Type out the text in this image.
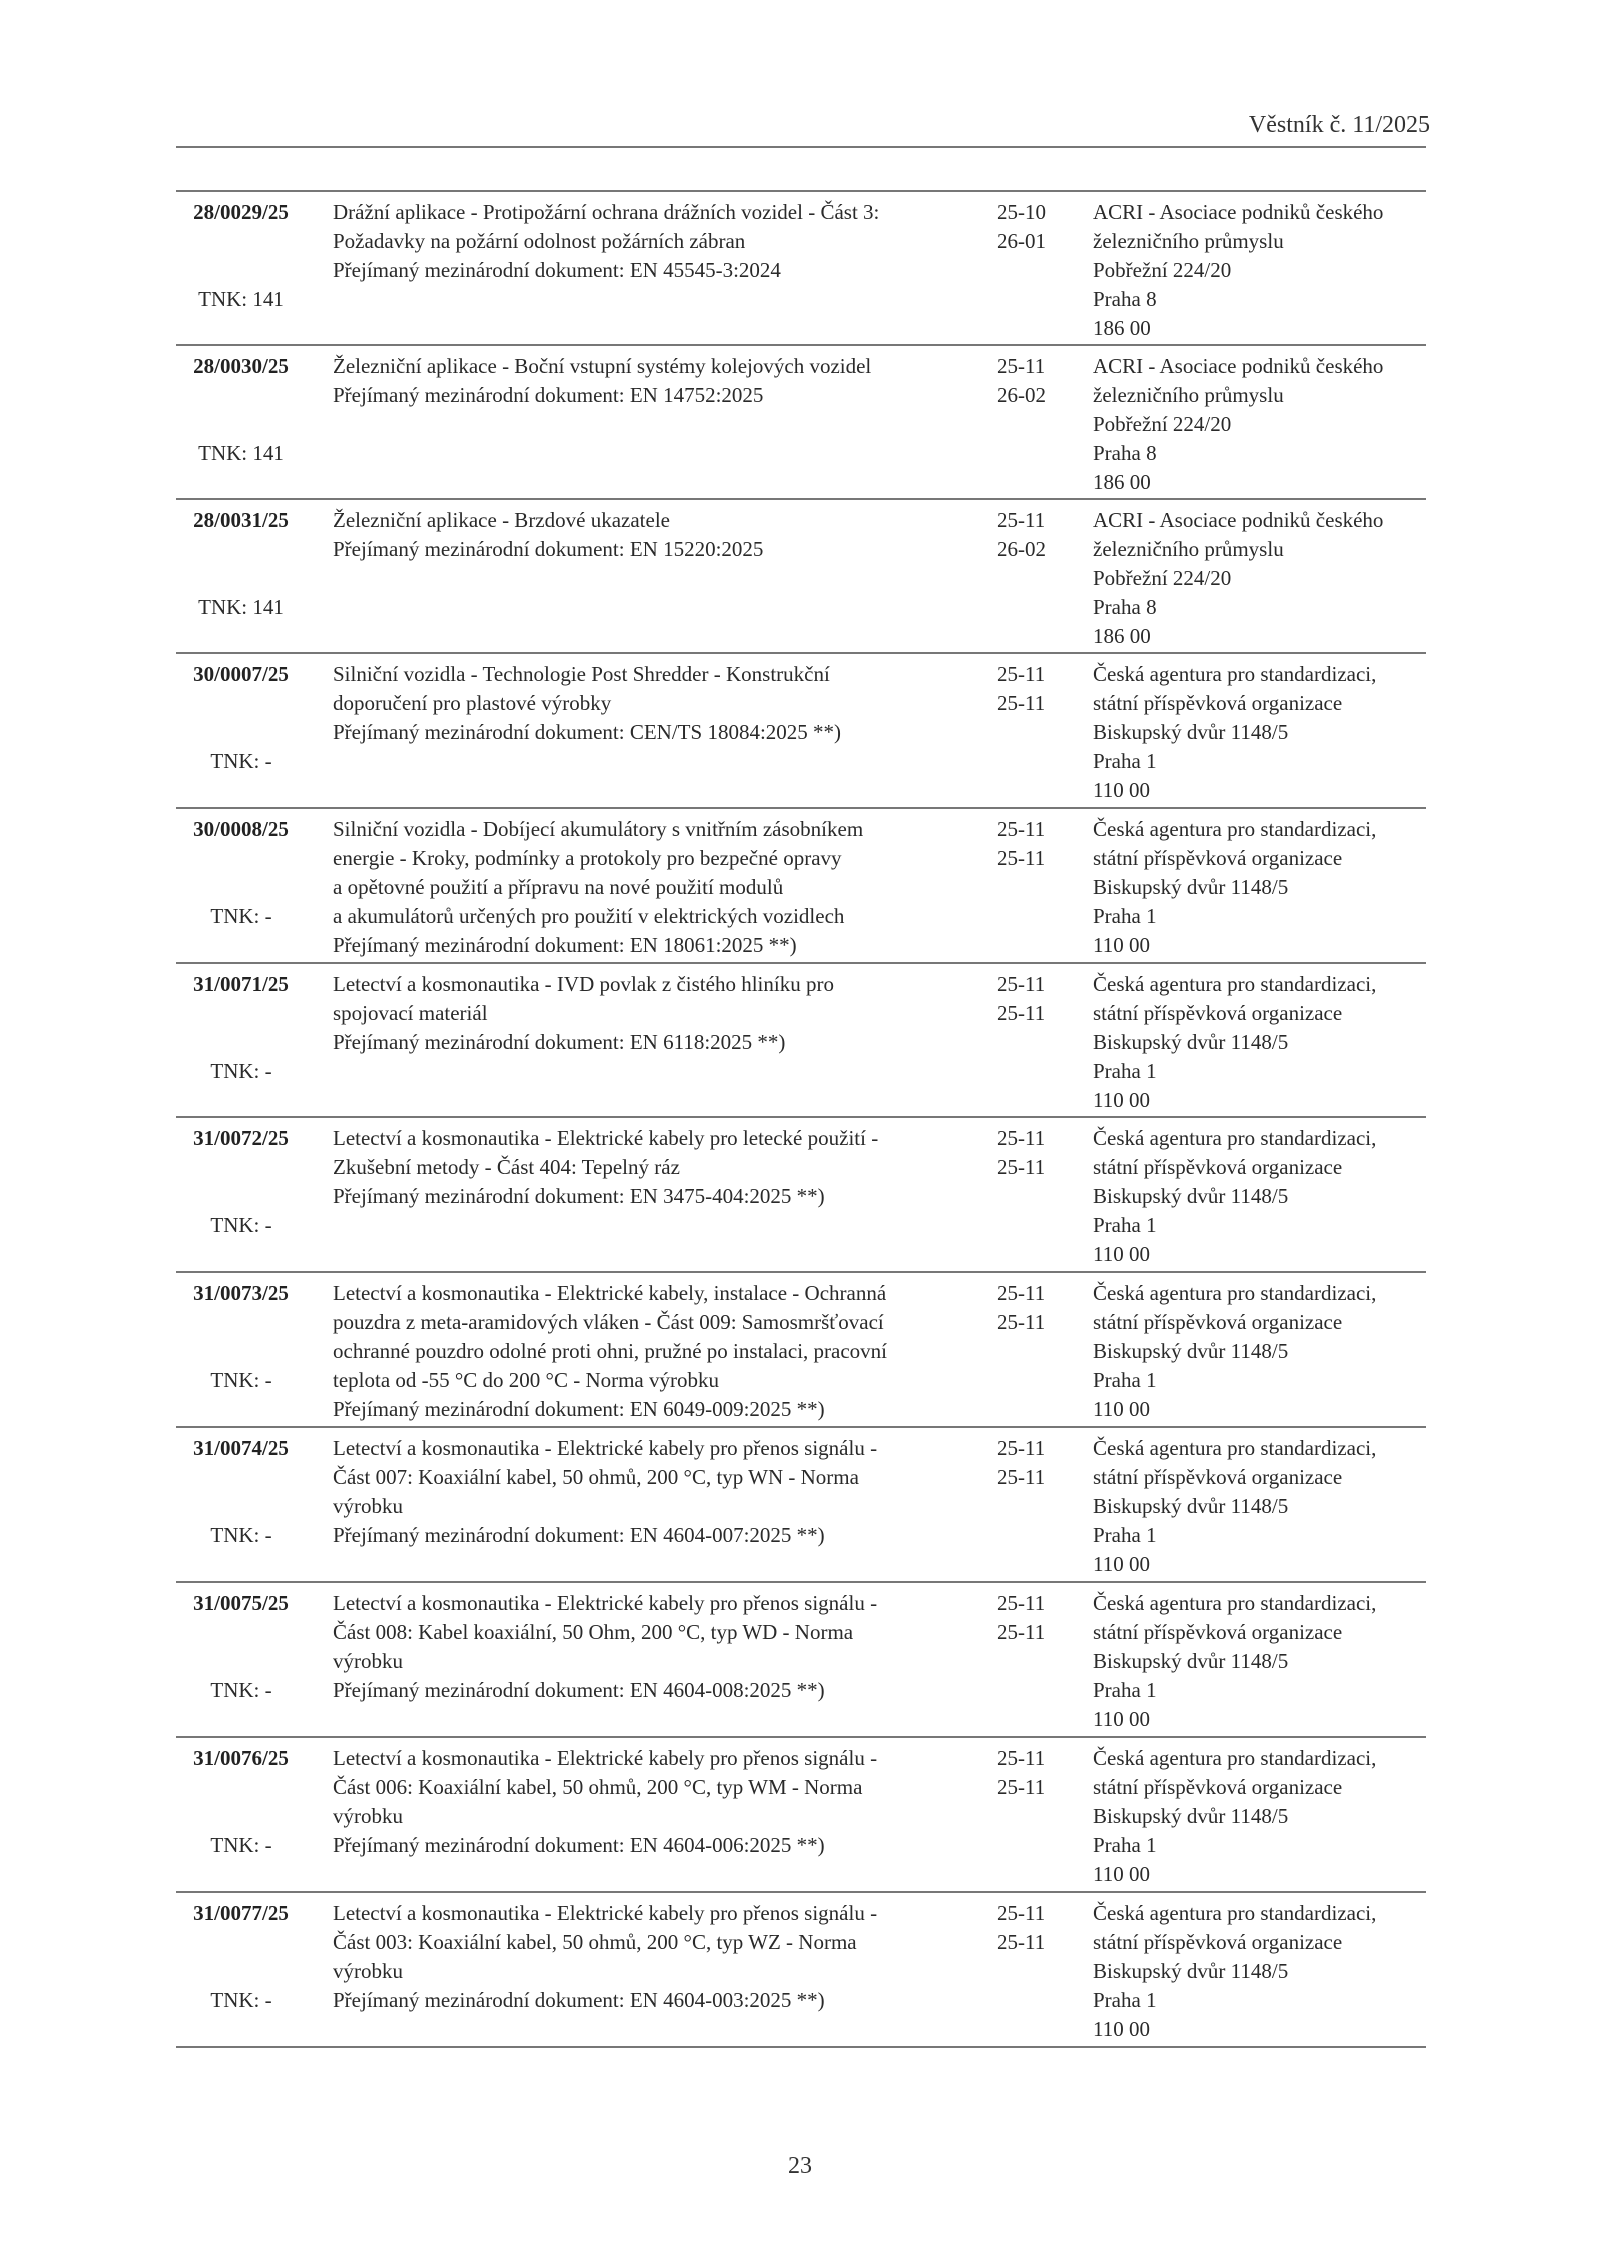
Věstník č. 11/2025
28/0029/25
TNK: 141
Drážní aplikace - Protipožární ochrana drážních vozidel - Část 3:
Požadavky na požární odolnost požárních zábran
Přejímaný mezinárodní dokument: EN 45545-3:2024
25-10
26-01
ACRI - Asociace podniků českého
železničního průmyslu
Pobřežní 224/20
Praha 8
186 00
28/0030/25
TNK: 141
Železniční aplikace - Boční vstupní systémy kolejových vozidel
Přejímaný mezinárodní dokument: EN 14752:2025
25-11
26-02
ACRI - Asociace podniků českého
železničního průmyslu
Pobřežní 224/20
Praha 8
186 00
28/0031/25
TNK: 141
Železniční aplikace - Brzdové ukazatele
Přejímaný mezinárodní dokument: EN 15220:2025
25-11
26-02
ACRI - Asociace podniků českého
železničního průmyslu
Pobřežní 224/20
Praha 8
186 00
30/0007/25
TNK: -
Silniční vozidla - Technologie Post Shredder - Konstrukční
doporučení pro plastové výrobky
Přejímaný mezinárodní dokument: CEN/TS 18084:2025 **)
25-11
25-11
Česká agentura pro standardizaci,
státní příspěvková organizace
Biskupský dvůr 1148/5
Praha 1
110 00
30/0008/25
TNK: -
Silniční vozidla - Dobíjecí akumulátory s vnitřním zásobníkem
energie - Kroky, podmínky a protokoly pro bezpečné opravy
a opětovné použití a přípravu na nové použití modulů
a akumulátorů určených pro použití v elektrických vozidlech
Přejímaný mezinárodní dokument: EN 18061:2025 **)
25-11
25-11
Česká agentura pro standardizaci,
státní příspěvková organizace
Biskupský dvůr 1148/5
Praha 1
110 00
31/0071/25
TNK: -
Letectví a kosmonautika - IVD povlak z čistého hliníku pro
spojovací materiál
Přejímaný mezinárodní dokument: EN 6118:2025 **)
25-11
25-11
Česká agentura pro standardizaci,
státní příspěvková organizace
Biskupský dvůr 1148/5
Praha 1
110 00
31/0072/25
TNK: -
Letectví a kosmonautika - Elektrické kabely pro letecké použití -
Zkušební metody - Část 404: Tepelný ráz
Přejímaný mezinárodní dokument: EN 3475-404:2025 **)
25-11
25-11
Česká agentura pro standardizaci,
státní příspěvková organizace
Biskupský dvůr 1148/5
Praha 1
110 00
31/0073/25
TNK: -
Letectví a kosmonautika - Elektrické kabely, instalace - Ochranná
pouzdra z meta-aramidových vláken - Část 009: Samosmršťovací
ochranné pouzdro odolné proti ohni, pružné po instalaci, pracovní
teplota od -55 °C do 200 °C - Norma výrobku
Přejímaný mezinárodní dokument: EN 6049-009:2025 **)
25-11
25-11
Česká agentura pro standardizaci,
státní příspěvková organizace
Biskupský dvůr 1148/5
Praha 1
110 00
31/0074/25
TNK: -
Letectví a kosmonautika - Elektrické kabely pro přenos signálu -
Část 007: Koaxiální kabel, 50 ohmů, 200 °C, typ WN - Norma
výrobku
Přejímaný mezinárodní dokument: EN 4604-007:2025 **)
25-11
25-11
Česká agentura pro standardizaci,
státní příspěvková organizace
Biskupský dvůr 1148/5
Praha 1
110 00
31/0075/25
TNK: -
Letectví a kosmonautika - Elektrické kabely pro přenos signálu -
Část 008: Kabel koaxiální, 50 Ohm, 200 °C, typ WD - Norma
výrobku
Přejímaný mezinárodní dokument: EN 4604-008:2025 **)
25-11
25-11
Česká agentura pro standardizaci,
státní příspěvková organizace
Biskupský dvůr 1148/5
Praha 1
110 00
31/0076/25
TNK: -
Letectví a kosmonautika - Elektrické kabely pro přenos signálu -
Část 006: Koaxiální kabel, 50 ohmů, 200 °C, typ WM - Norma
výrobku
Přejímaný mezinárodní dokument: EN 4604-006:2025 **)
25-11
25-11
Česká agentura pro standardizaci,
státní příspěvková organizace
Biskupský dvůr 1148/5
Praha 1
110 00
31/0077/25
TNK: -
Letectví a kosmonautika - Elektrické kabely pro přenos signálu -
Část 003: Koaxiální kabel, 50 ohmů, 200 °C, typ WZ - Norma
výrobku
Přejímaný mezinárodní dokument: EN 4604-003:2025 **)
25-11
25-11
Česká agentura pro standardizaci,
státní příspěvková organizace
Biskupský dvůr 1148/5
Praha 1
110 00
23
